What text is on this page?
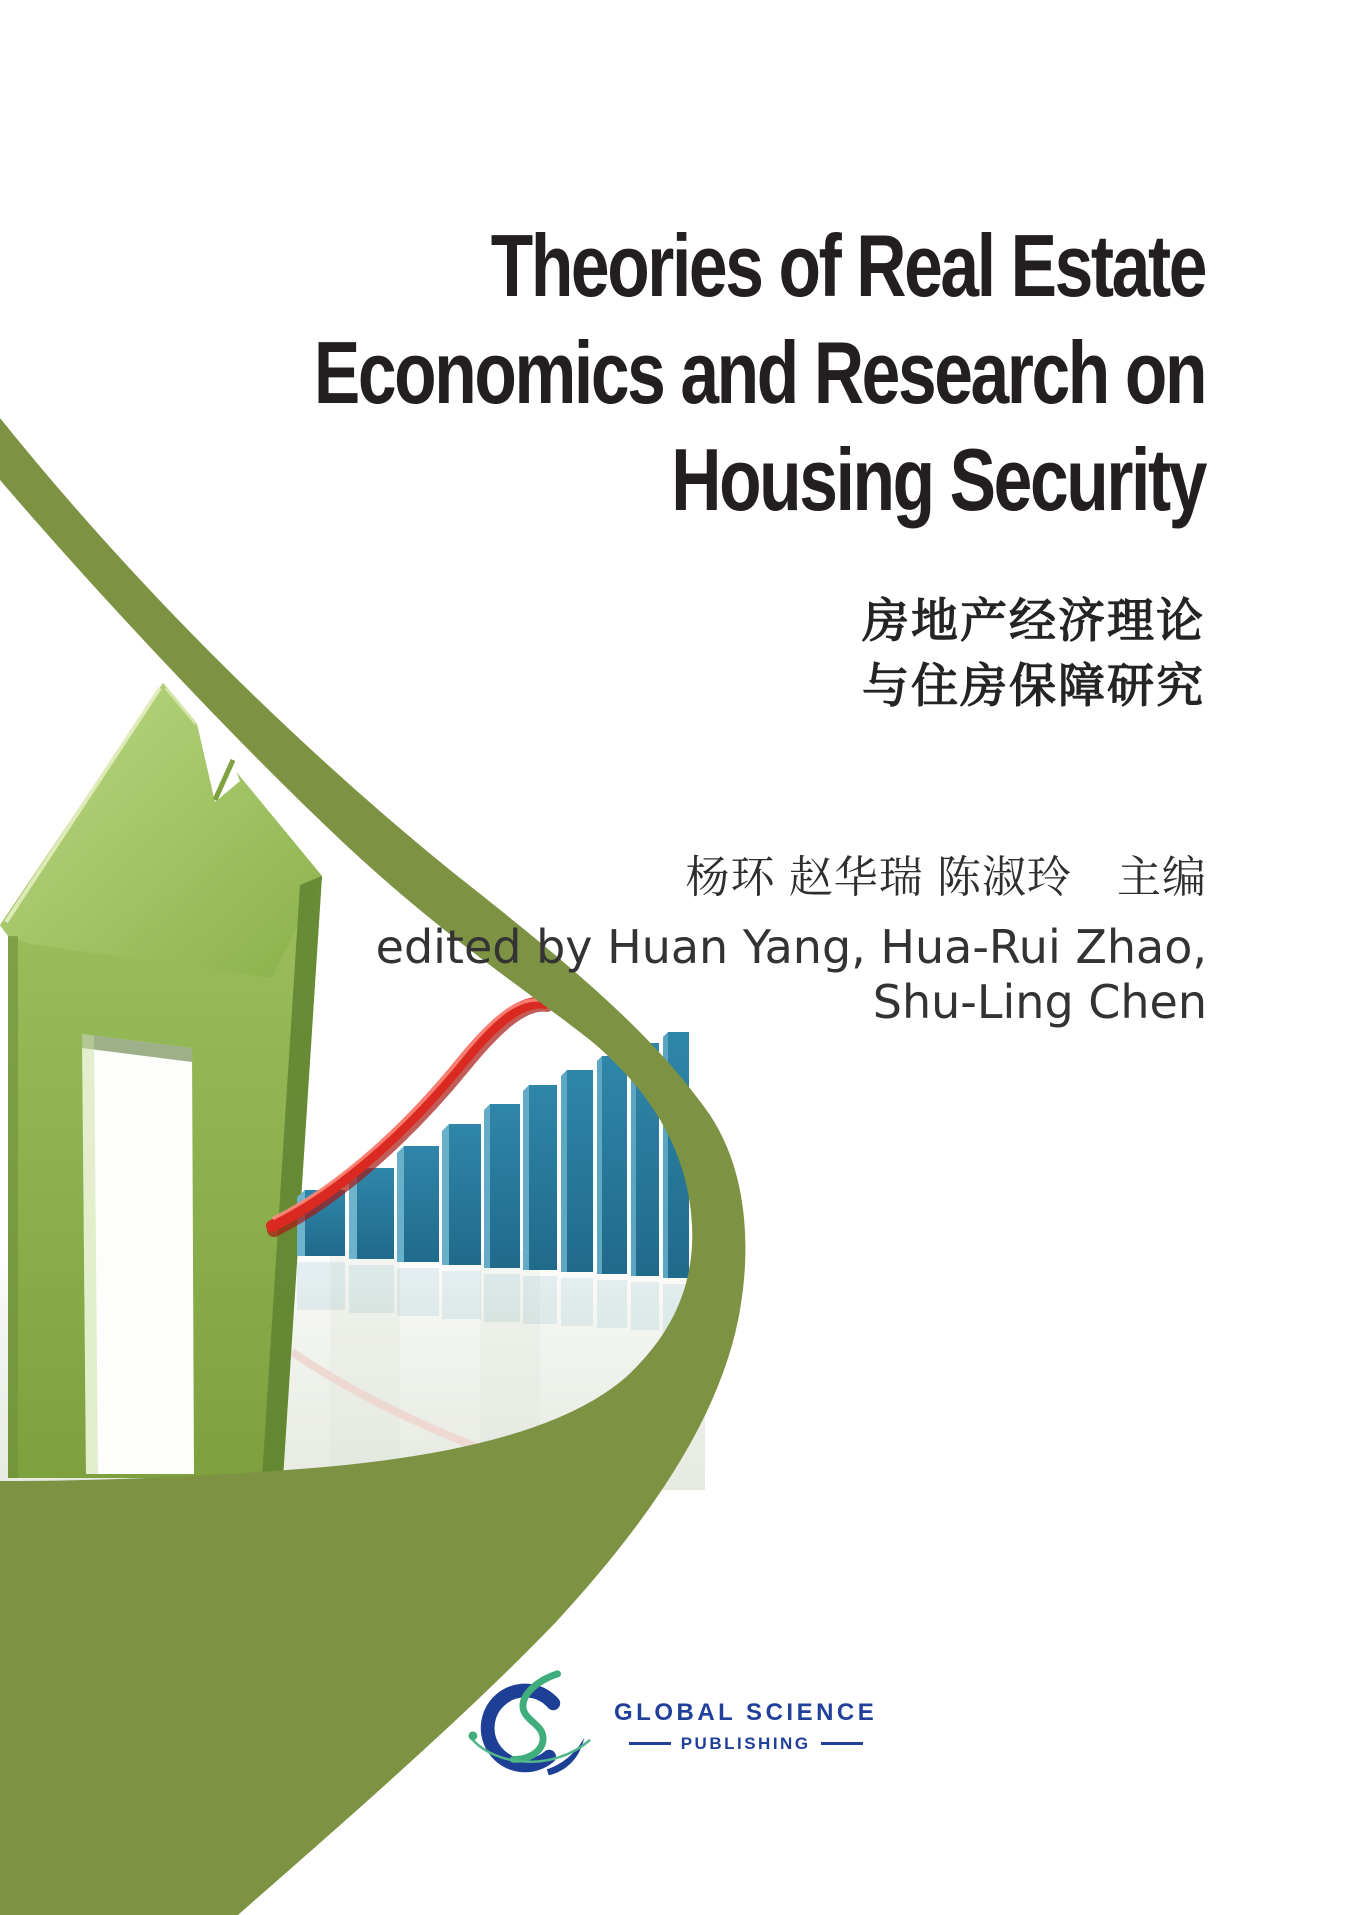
Theories of Real Estate
Economics and Research on
Housing Security
房地产经济理论
与住房保障研究
杨环 赵华瑞 陈淑玲　主编
edited by Huan Yang, Hua-Rui Zhao,
Shu-Ling Chen
GLOBAL SCIENCE
PUBLISHING
